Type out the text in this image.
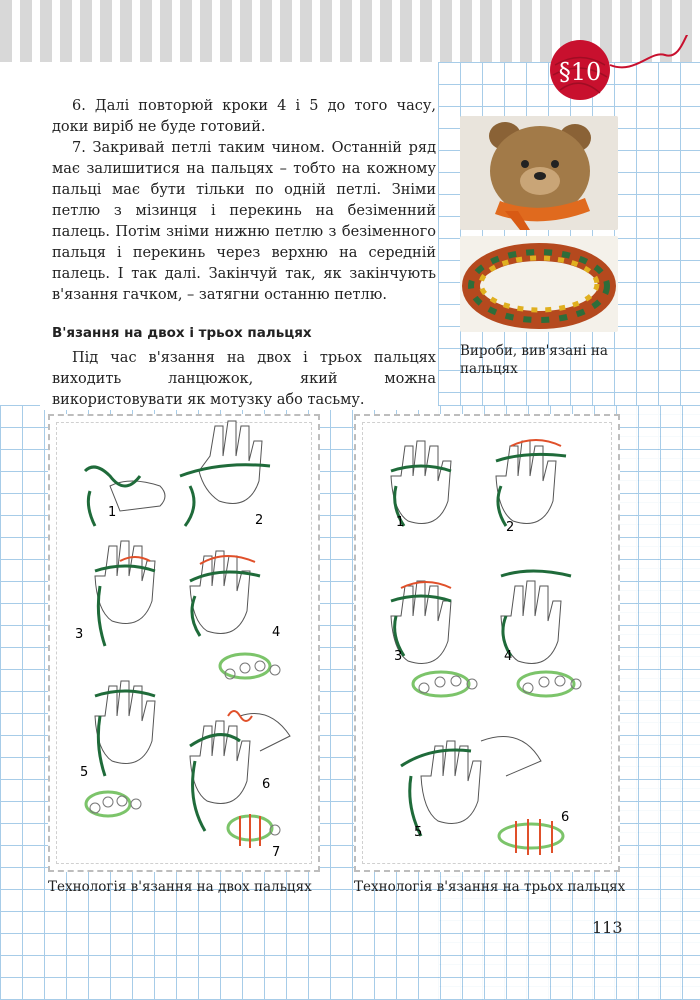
§10

6. Далі повторюй кроки 4 і 5 до того часу, доки виріб не буде готовий.

7. Закривай петлі таким чином. Останній ряд має залишитися на пальцях – тобто на кожному пальці має бути тільки по одній петлі. Зніми петлю з мізинця і перекинь на безіменний палець. Потім зніми нижню петлю з безіменного пальця і перекинь через верхню на середній палець. І так далі. Закінчуй так, як закінчують в'язання гачком, – затягни останню петлю.

В'язання на двох і трьох пальцях

Під час в'язання на двох і трьох пальцях виходить ланцюжок, який можна використовувати як мотузку або тасьму.

Вироби, вив'язані на пальцях
1
2
3	4
5
6
7
1	2
3	4
5
6
Технологія в'язання на двох пальцях	Технологія в'язання на трьох пальцях
113
